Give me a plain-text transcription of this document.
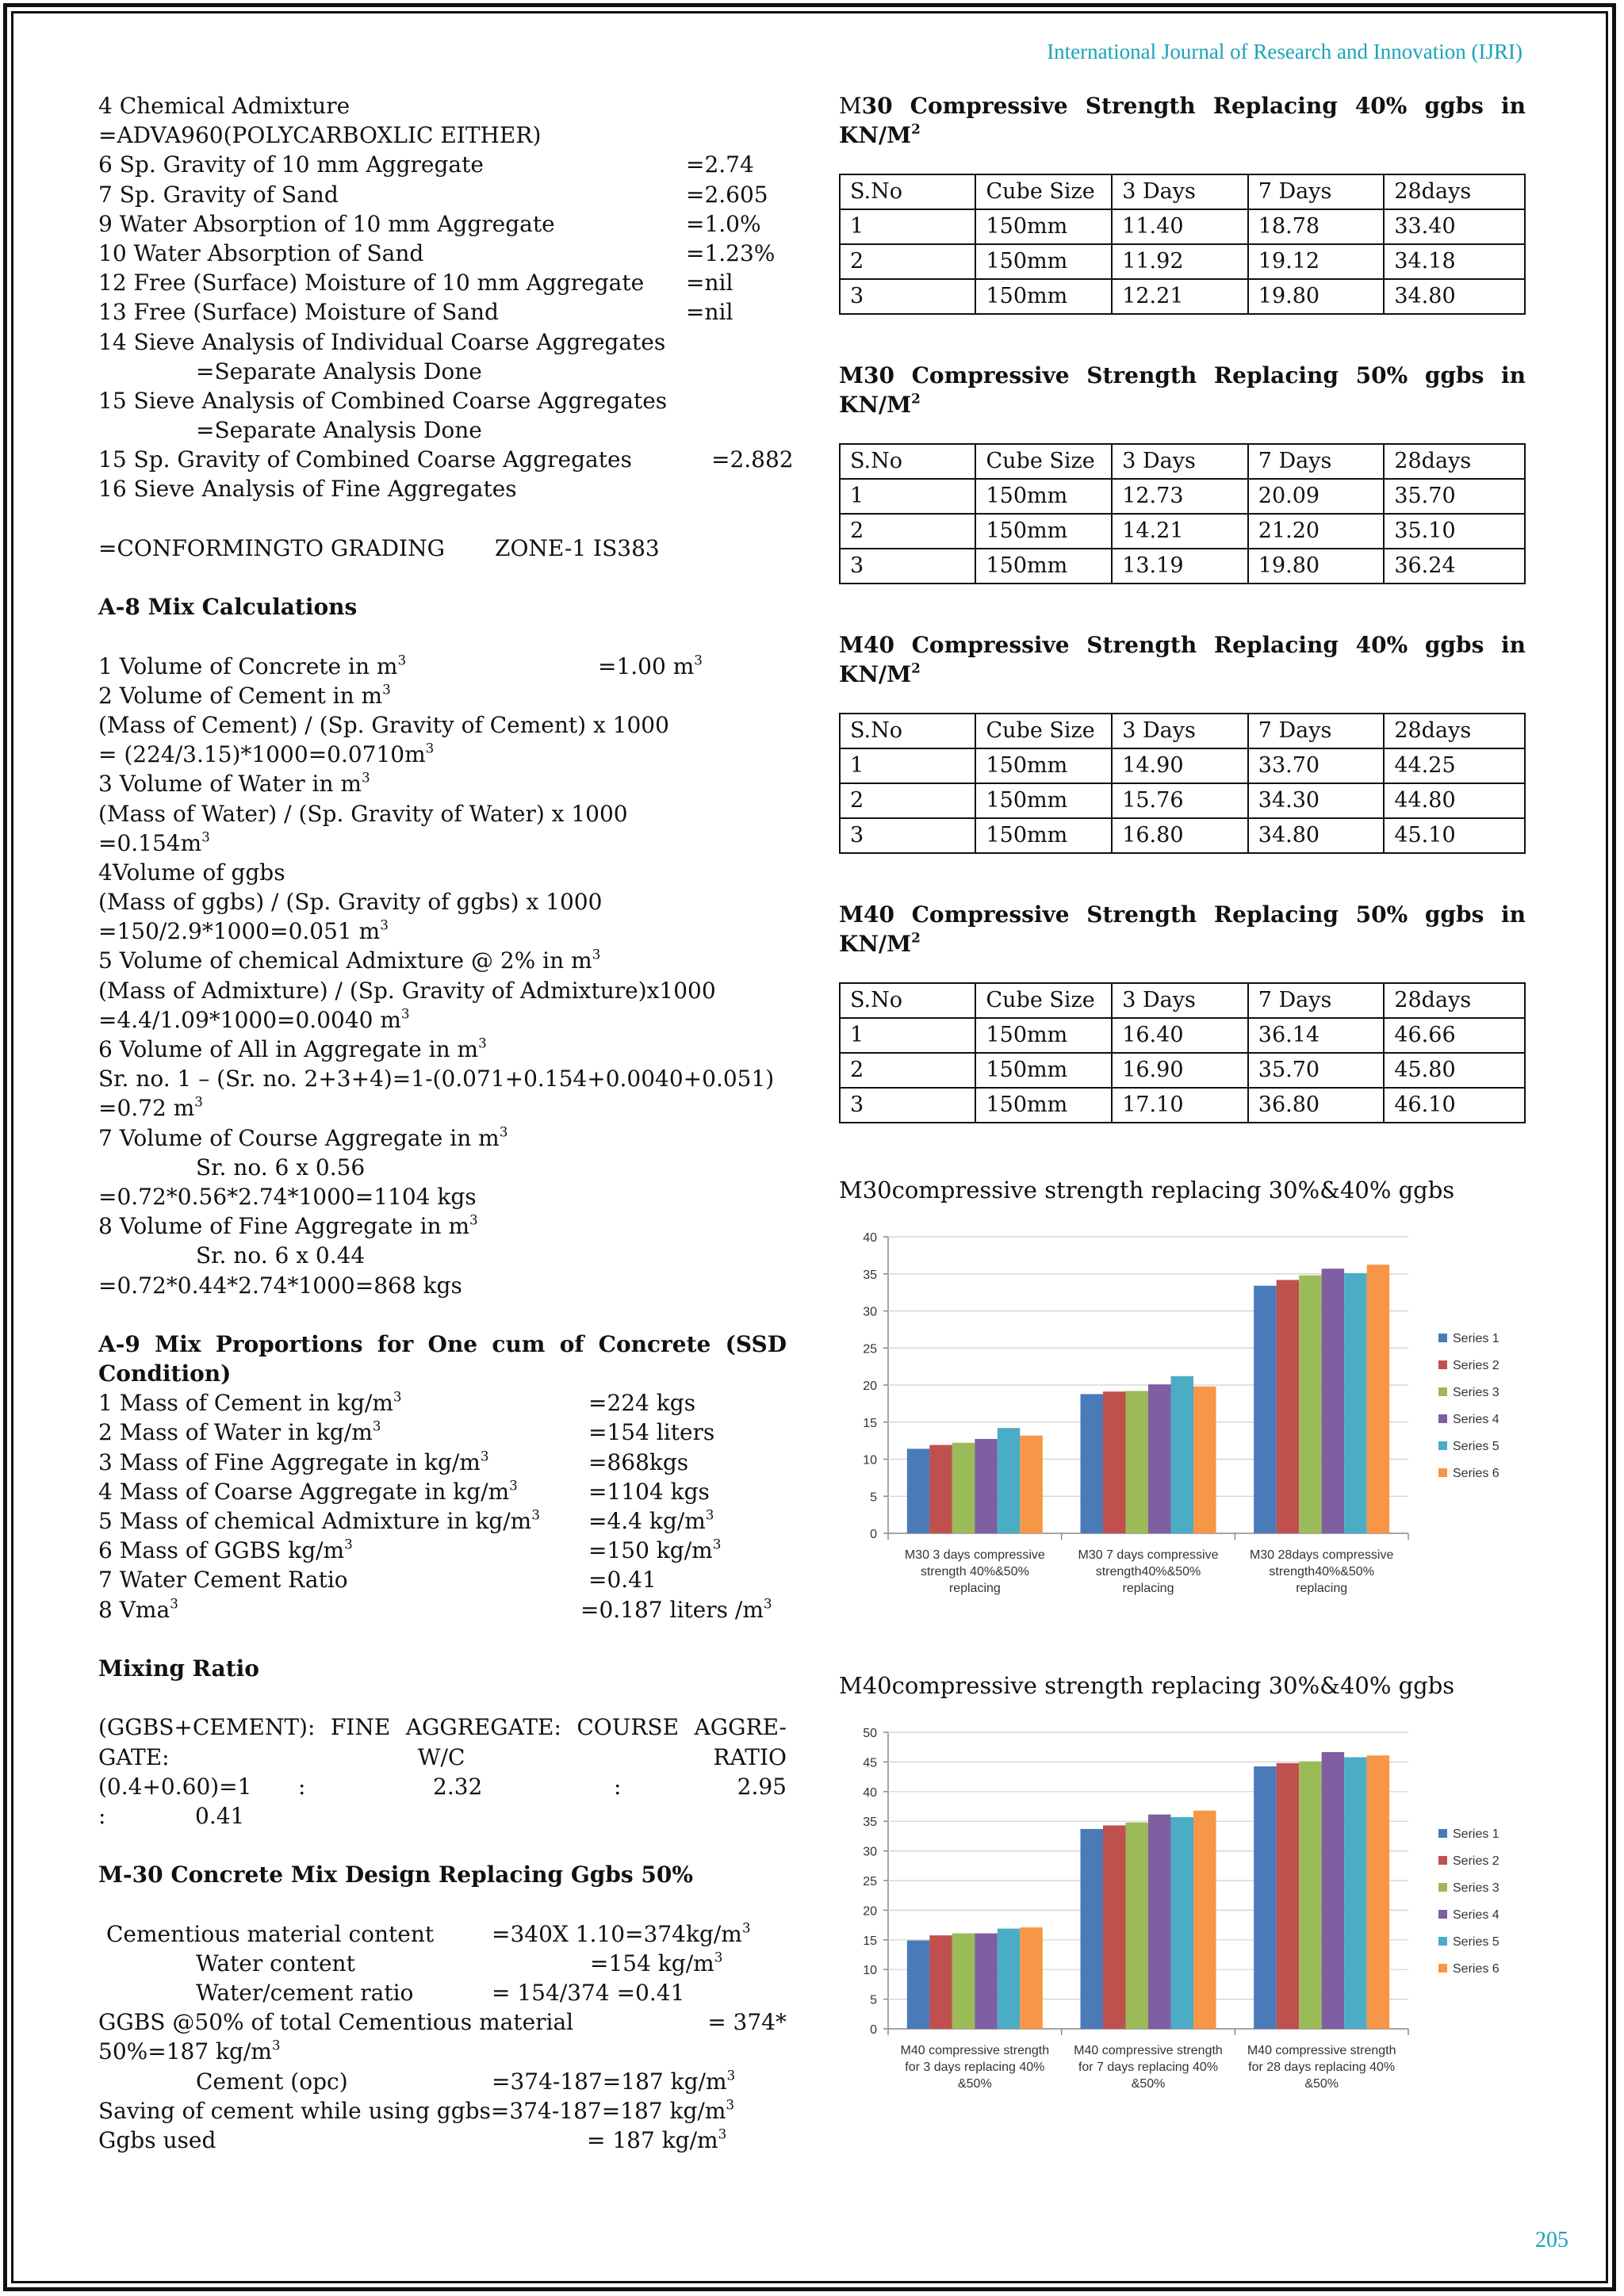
International Journal of Research and Innovation (IJRI)
4 Chemical Admixture
=ADVA960(POLYCARBOXLIC EITHER)
6 Sp. Gravity of 10 mm Aggregate	=2.74
7 Sp. Gravity of Sand	=2.605
9 Water Absorption of 10 mm Aggregate	=1.0%
10 Water Absorption of Sand	=1.23%
12 Free (Surface) Moisture of 10 mm Aggregate =nil
13 Free (Surface) Moisture of Sand	=nil
14 Sieve Analysis of Individual Coarse Aggregates
=Separate Analysis Done
15 Sieve Analysis of Combined Coarse Aggregates
=Separate Analysis Done
15 Sp. Gravity of Combined Coarse Aggregates	=2.882
16 Sieve Analysis of Fine Aggregates
=CONFORMINGTO GRADING ZONE-1 IS383
A-8 Mix Calculations
1 Volume of Concrete in $m^3$	=1.00 $m^3$
2 Volume of Cement in $m^3$
(Mass of Cement) / (Sp. Gravity of Cement) x 1000
= $(224/3.15)*1000=0.0710m^3$
3 Volume of Water in $m^3$
(Mass of Water) / (Sp. Gravity of Water) x 1000
$=0.154m^3$
4Volume of ggbs
(Mass of ggbs) / (Sp. Gravity of ggbs) x 1000
=150/2.9*1000=0.051 $m^3$
5 Volume of chemical Admixture @ 2% in $m^3$
(Mass of Admixture) / (Sp. Gravity of Admixture)x1000
=4.4/1.09*1000=0.0040 $m^3$
6 Volume of All in Aggregate in $m^3$
Sr. no. 1 – (Sr. no. 2+3+4)=1-(0.071+0.154+0.0040+0.051)
=0.72 $m^3$
7 Volume of Course Aggregate in $m^3$
Sr. no. 6 x 0.56
=0.72*0.56*2.74*1000=1104 kgs
8 Volume of Fine Aggregate in $m^3$
Sr. no. 6 x 0.44
=0.72*0.44*2.74*1000=868 kgs
A-9 Mix Proportions for One cum of Concrete (SSD Condition)
1 Mass of Cement in $kg/m^3$	=224 kgs
2 Mass of Water in $kg/m^3$	=154 liters
3 Mass of Fine Aggregate in $kg/m^3$	=868kgs
4 Mass of Coarse Aggregate in $kg/m^3$	=1104 kgs
5 Mass of chemical Admixture in $kg/m^3 =4.4$ $kg/m^3$
6 Mass of GGBS $kg/m^3$	=150 $kg/m^3$
7 Water Cement Ratio	=0.41
8 Vma$^3$	=0.187 liters $/m^3$
Mixing Ratio
(GGBS+CEMENT): FINE AGGREGATE: COURSE AGGRE- GATE: W/C RATIO
(0.4+0.60)=1 :	2.32	:	2.95
:	0.41
M-30 Concrete Mix Design Replacing Ggbs 50%
Cementious material content	=340X $1.10=374kg/m^3$
Water content	=154 $kg/m^3$
Water/cement ratio	= 154/374 =0.41
GGBS @50% of total Cementious material	= 374*
50%=187 $kg/m^3$
Cement (opc)	=374-187=187 $kg/m^3$
Saving of cement while using ggbs=374-187=187 $kg/m^3$
Ggbs used	= 187 $kg/m^3$
M30 Compressive Strength Replacing 40% ggbs in $KN/M^2$
S.No	Cube Size	3 Days	7 Days	28days
1	150mm	11.40	18.78	33.40
2	150mm	11.92	19.12	34.18
3	150mm	12.21	19.80	34.80
M30 Compressive Strength Replacing 50% ggbs in $KN/M^2$
S.No	Cube Size	3 Days	7 Days	28days
1	150mm	12.73	20.09	35.70
2	150mm	14.21	21.20	35.10
3	150mm	13.19	19.80	36.24
M40 Compressive Strength Replacing 40% ggbs in $KN/M^2$
S.No	Cube Size	3 Days	7 Days	28days
1	150mm	14.90	33.70	44.25
2	150mm	15.76	34.30	44.80
3	150mm	16.80	34.80	45.10
M40 Compressive Strength Replacing 50% ggbs in $KN/M^2$
S.No	Cube Size	3 Days	7 Days	28days
1	150mm	16.40	36.14	46.66
2	150mm	16.90	35.70	45.80
3	150mm	17.10	36.80	46.10
M30compressive strength replacing 30%&40% ggbs
0
5
10
15
20
25
30
35
40
M30 3 days compressive
strength 40%&50%
replacing
M30 7 days compressive
strength40%&50%
replacing
M30 28days compressive
strength40%&50%
replacing
Series 1
Series 2
Series 3
Series 4
Series 5
Series 6
M40compressive strength replacing 30%&40% ggbs
0
5
10
15
20
25
30
35
40
45
50
M40 compressive strength
for 3 days replacing 40%
&50%
M40 compressive strength
for 7 days replacing 40%
&50%
M40 compressive strength
for 28 days replacing 40%
&50%
Series 1
Series 2
Series 3
Series 4
Series 5
Series 6
205
